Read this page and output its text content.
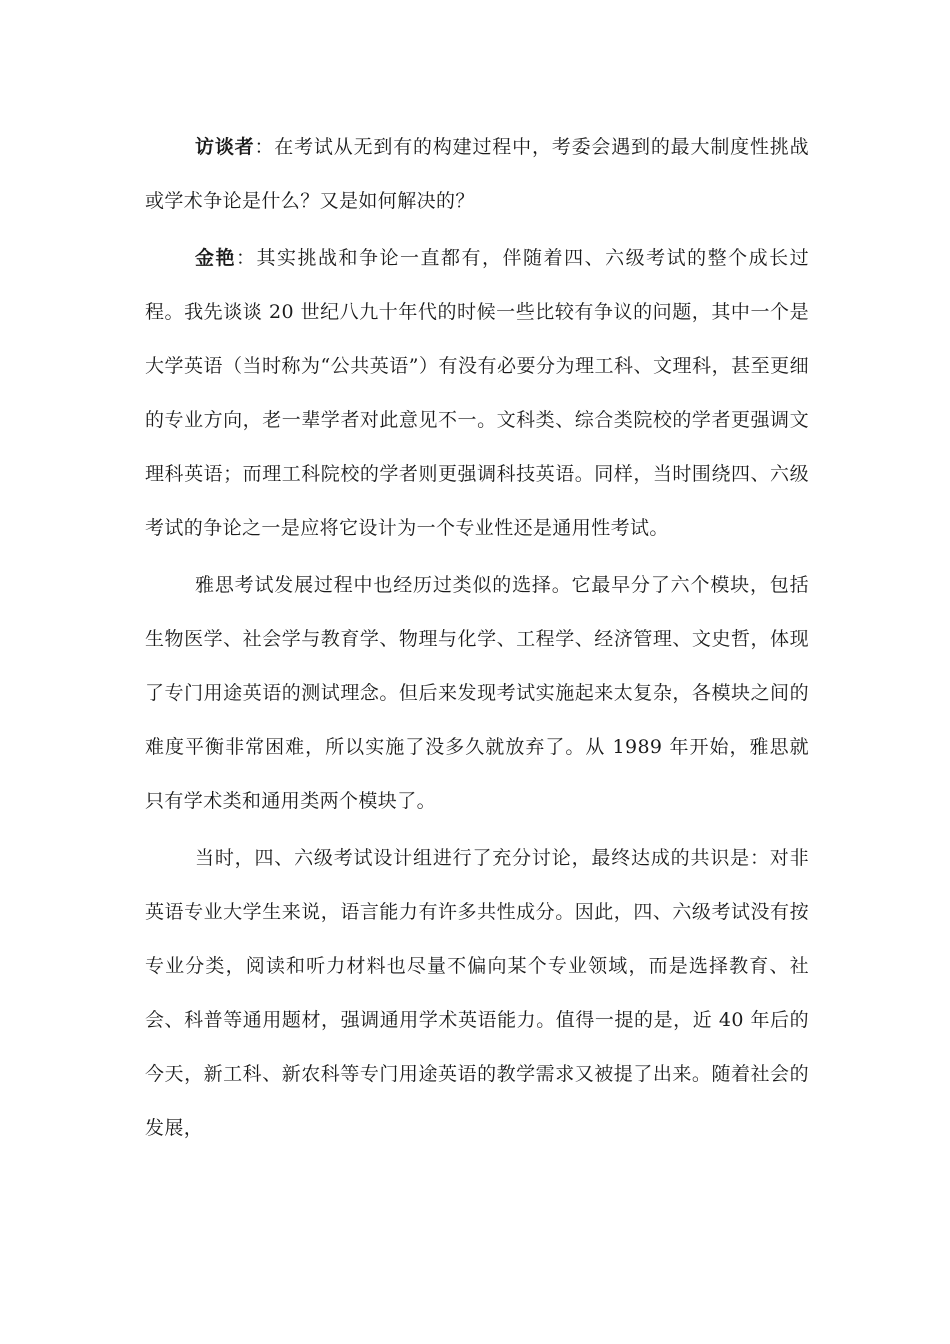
访谈者：在考试从无到有的构建过程中，考委会遇到的最大制度性挑战或学术争论是什么？又是如何解决的？

金艳：其实挑战和争论一直都有，伴随着四、六级考试的整个成长过程。我先谈谈 20 世纪八九十年代的时候一些比较有争议的问题，其中一个是大学英语（当时称为“公共英语”）有没有必要分为理工科、文理科，甚至更细的专业方向，老一辈学者对此意见不一。文科类、综合类院校的学者更强调文理科英语；而理工科院校的学者则更强调科技英语。同样，当时围绕四、六级考试的争论之一是应将它设计为一个专业性还是通用性考试。

雅思考试发展过程中也经历过类似的选择。它最早分了六个模块，包括生物医学、社会学与教育学、物理与化学、工程学、经济管理、文史哲，体现了专门用途英语的测试理念。但后来发现考试实施起来太复杂，各模块之间的难度平衡非常困难，所以实施了没多久就放弃了。从 1989 年开始，雅思就只有学术类和通用类两个模块了。

当时，四、六级考试设计组进行了充分讨论，最终达成的共识是：对非英语专业大学生来说，语言能力有许多共性成分。因此，四、六级考试没有按专业分类，阅读和听力材料也尽量不偏向某个专业领域，而是选择教育、社会、科普等通用题材，强调通用学术英语能力。值得一提的是，近 40 年后的今天，新工科、新农科等专门用途英语的教学需求又被提了出来。随着社会的发展，
